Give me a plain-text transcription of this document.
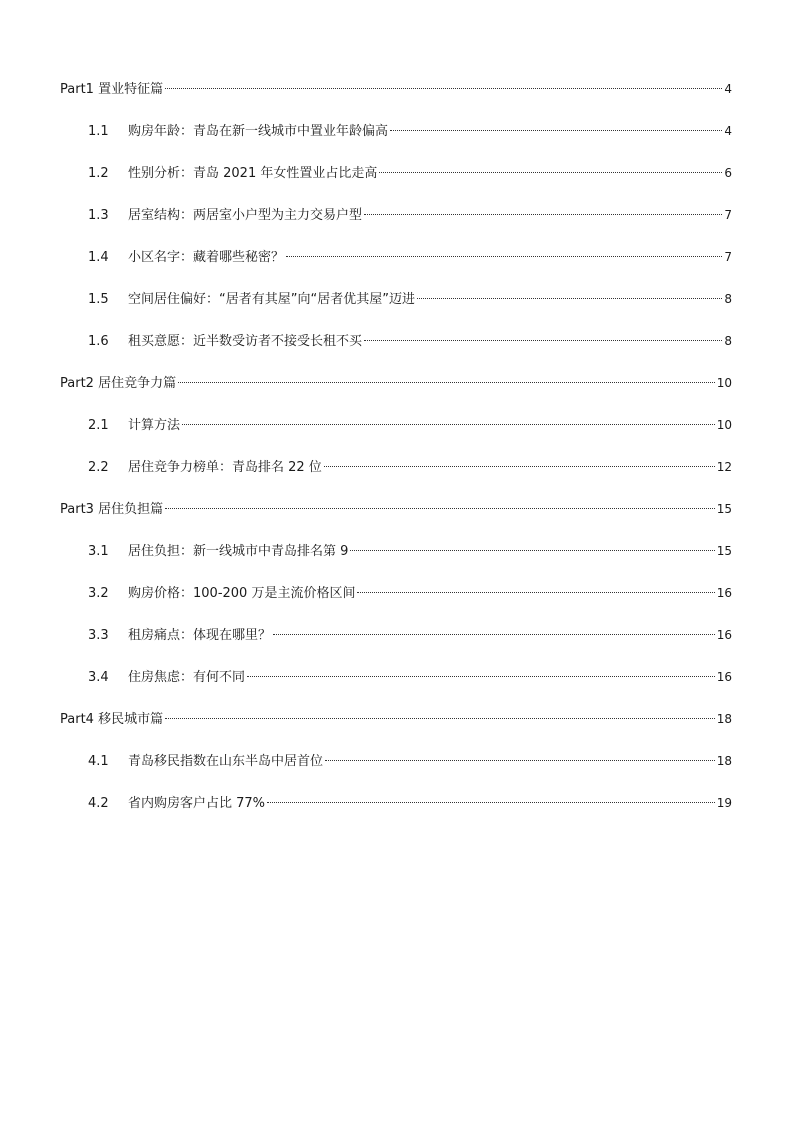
Part1 置业特征篇	4
1.1	购房年龄：青岛在新一线城市中置业年龄偏高	4
1.2	性别分析：青岛 2021 年女性置业占比走高	6
1.3	居室结构：两居室小户型为主力交易户型	7
1.4	小区名字：藏着哪些秘密？	7
1.5	空间居住偏好：“居者有其屋”向“居者优其屋”迈进	8
1.6	租买意愿：近半数受访者不接受长租不买	8
Part2 居住竞争力篇	10
2.1	计算方法	10
2.2	居住竞争力榜单：青岛排名 22 位	12
Part3 居住负担篇	15
3.1	居住负担：新一线城市中青岛排名第 9	15
3.2	购房价格：100-200 万是主流价格区间	16
3.3	租房痛点：体现在哪里？	16
3.4	住房焦虑：有何不同	16
Part4 移民城市篇	18
4.1	青岛移民指数在山东半岛中居首位	18
4.2	省内购房客户占比 77%	19
